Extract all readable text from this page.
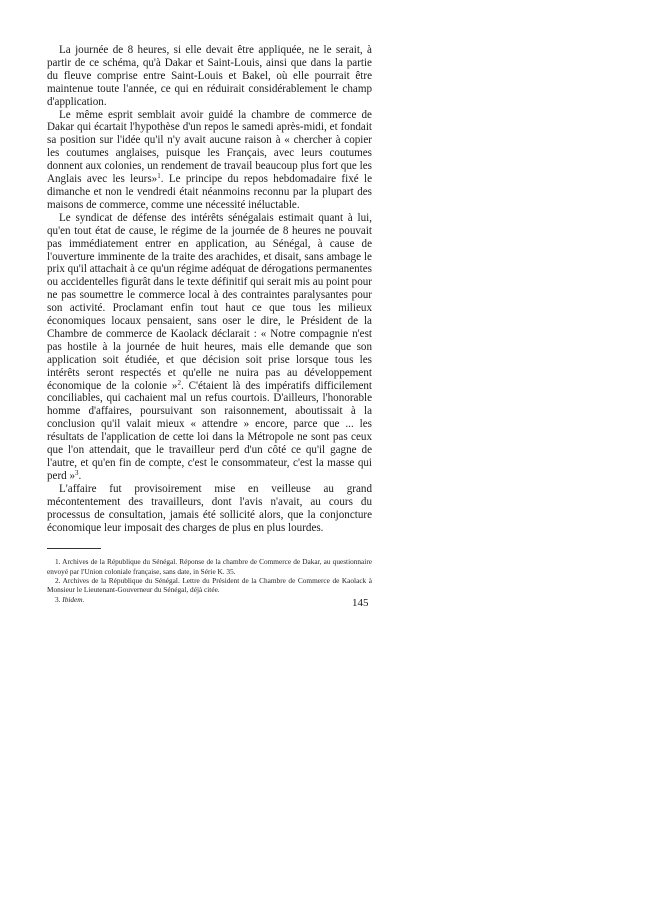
La journée de 8 heures, si elle devait être appliquée, ne le serait, à partir de ce schéma, qu'à Dakar et Saint-Louis, ainsi que dans la partie du fleuve comprise entre Saint-Louis et Bakel, où elle pourrait être maintenue toute l'année, ce qui en réduirait considérablement le champ d'application.

Le même esprit semblait avoir guidé la chambre de commerce de Dakar qui écartait l'hypothèse d'un repos le samedi après-midi, et fondait sa position sur l'idée qu'il n'y avait aucune raison à « chercher à copier les coutumes anglaises, puisque les Français, avec leurs coutumes donnent aux colonies, un rendement de travail beaucoup plus fort que les Anglais avec les leurs»$^1$. Le principe du repos hebdomadaire fixé le dimanche et non le vendredi était néanmoins reconnu par la plupart des maisons de commerce, comme une nécessité inéluctable.

Le syndicat de défense des intérêts sénégalais estimait quant à lui, qu'en tout état de cause, le régime de la journée de 8 heures ne pouvait pas immédiatement entrer en application, au Sénégal, à cause de l'ouverture imminente de la traite des arachides, et disait, sans ambage le prix qu'il attachait à ce qu'un régime adéquat de dérogations permanentes ou accidentelles figurât dans le texte définitif qui serait mis au point pour ne pas soumettre le commerce local à des contraintes paralysantes pour son activité. Proclamant enfin tout haut ce que tous les milieux économiques locaux pensaient, sans oser le dire, le Président de la Chambre de commerce de Kaolack déclarait : « Notre compagnie n'est pas hostile à la journée de huit heures, mais elle demande que son application soit étudiée, et que décision soit prise lorsque tous les intérêts seront respectés et qu'elle ne nuira pas au développement économique de la colonie »$^2$. C'étaient là des impératifs difficilement conciliables, qui cachaient mal un refus courtois. D'ailleurs, l'honorable homme d'affaires, poursuivant son raisonnement, aboutissait à la conclusion qu'il valait mieux « attendre » encore, parce que ... les résultats de l'application de cette loi dans la Métropole ne sont pas ceux que l'on attendait, que le travailleur perd d'un côté ce qu'il gagne de l'autre, et qu'en fin de compte, c'est le consommateur, c'est la masse qui perd »$^3$.

L'affaire fut provisoirement mise en veilleuse au grand mécontentement des travailleurs, dont l'avis n'avait, au cours du processus de consultation, jamais été sollicité alors, que la conjoncture économique leur imposait des charges de plus en plus lourdes.

1. Archives de la République du Sénégal. Réponse de la chambre de Commerce de Dakar, au questionnaire envoyé par l'Union coloniale française, sans date, in Série K. 35.

2. Archives de la République du Sénégal. Lettre du Président de la Chambre de Commerce de Kaolack à Monsieur le Lieutenant-Gouverneur du Sénégal, déjà citée.

3. Ibidem.	145
